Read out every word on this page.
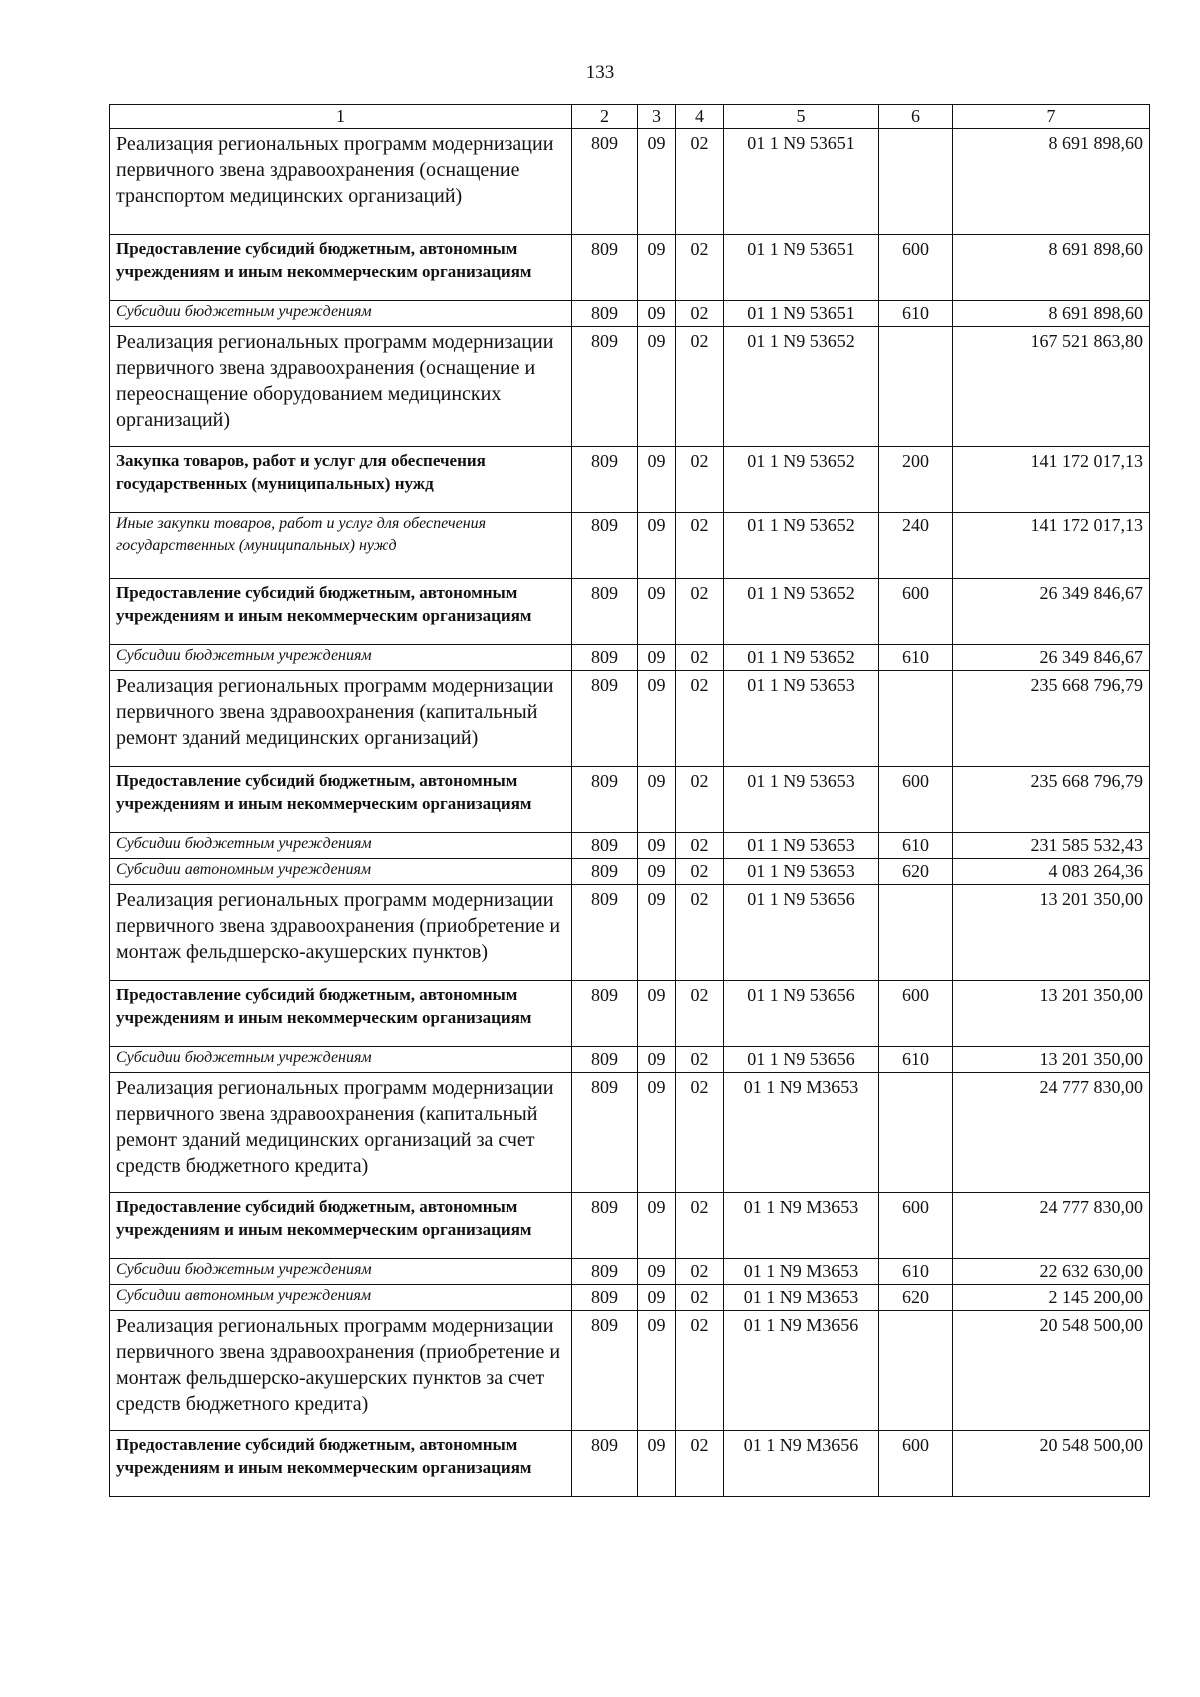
133
1	2	3	4	5	6	7
Реализация региональных программ модернизации первичного звена здравоохранения (оснащение транспортом медицинских организаций)	809	09	02	01 1 N9 53651		8 691 898,60
Предоставление субсидий бюджетным, автономным учреждениям и иным некоммерческим организациям	809	09	02	01 1 N9 53651	600	8 691 898,60
Субсидии бюджетным учреждениям	809	09	02	01 1 N9 53651	610	8 691 898,60
Реализация региональных программ модернизации первичного звена здравоохранения (оснащение и переоснащение оборудованием медицинских организаций)	809	09	02	01 1 N9 53652		167 521 863,80
Закупка товаров, работ и услуг для обеспечения государственных (муниципальных) нужд	809	09	02	01 1 N9 53652	200	141 172 017,13
Иные закупки товаров, работ и услуг для обеспечения государственных (муниципальных) нужд	809	09	02	01 1 N9 53652	240	141 172 017,13
Предоставление субсидий бюджетным, автономным учреждениям и иным некоммерческим организациям	809	09	02	01 1 N9 53652	600	26 349 846,67
Субсидии бюджетным учреждениям	809	09	02	01 1 N9 53652	610	26 349 846,67
Реализация региональных программ модернизации первичного звена здравоохранения (капитальный ремонт зданий медицинских организаций)	809	09	02	01 1 N9 53653		235 668 796,79
Предоставление субсидий бюджетным, автономным учреждениям и иным некоммерческим организациям	809	09	02	01 1 N9 53653	600	235 668 796,79
Субсидии бюджетным учреждениям	809	09	02	01 1 N9 53653	610	231 585 532,43
Субсидии автономным учреждениям	809	09	02	01 1 N9 53653	620	4 083 264,36
Реализация региональных программ модернизации первичного звена здравоохранения (приобретение и монтаж фельдшерско-акушерских пунктов)	809	09	02	01 1 N9 53656		13 201 350,00
Предоставление субсидий бюджетным, автономным учреждениям и иным некоммерческим организациям	809	09	02	01 1 N9 53656	600	13 201 350,00
Субсидии бюджетным учреждениям	809	09	02	01 1 N9 53656	610	13 201 350,00
Реализация региональных программ модернизации первичного звена здравоохранения (капитальный ремонт зданий медицинских организаций за счет средств бюджетного кредита)	809	09	02	01 1 N9 M3653		24 777 830,00
Предоставление субсидий бюджетным, автономным учреждениям и иным некоммерческим организациям	809	09	02	01 1 N9 M3653	600	24 777 830,00
Субсидии бюджетным учреждениям	809	09	02	01 1 N9 M3653	610	22 632 630,00
Субсидии автономным учреждениям	809	09	02	01 1 N9 M3653	620	2 145 200,00
Реализация региональных программ модернизации первичного звена здравоохранения (приобретение и монтаж фельдшерско-акушерских пунктов за счет средств бюджетного кредита)	809	09	02	01 1 N9 M3656		20 548 500,00
Предоставление субсидий бюджетным, автономным учреждениям и иным некоммерческим организациям	809	09	02	01 1 N9 M3656	600	20 548 500,00
